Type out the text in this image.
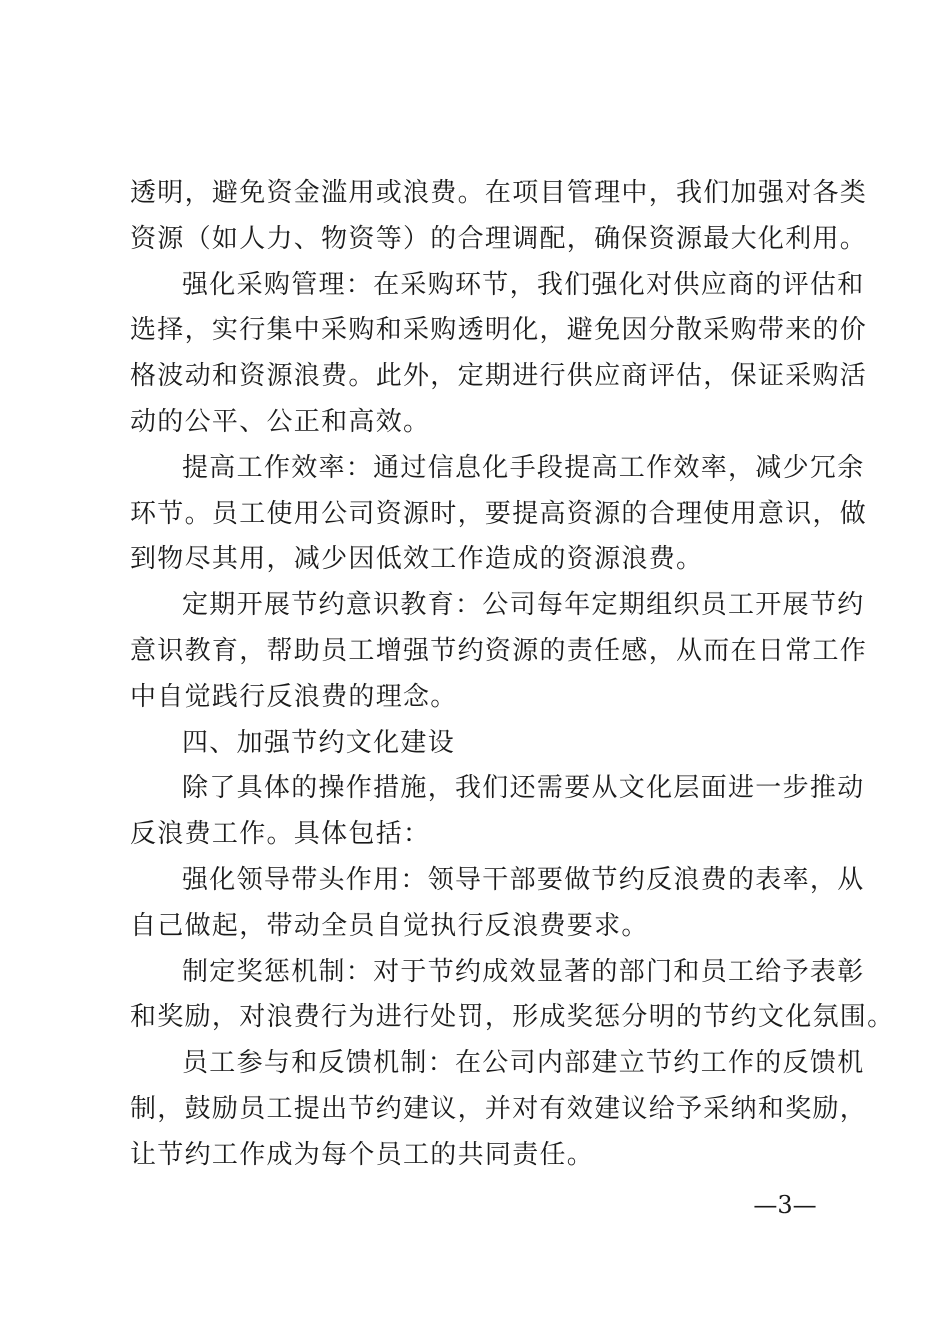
透明，避免资金滥用或浪费。在项目管理中，我们加强对各类
资源（如人力、物资等）的合理调配，确保资源最大化利用。
强化采购管理：在采购环节，我们强化对供应商的评估和
选择，实行集中采购和采购透明化，避免因分散采购带来的价
格波动和资源浪费。此外，定期进行供应商评估，保证采购活
动的公平、公正和高效。
提高工作效率：通过信息化手段提高工作效率，减少冗余
环节。员工使用公司资源时，要提高资源的合理使用意识，做
到物尽其用，减少因低效工作造成的资源浪费。
定期开展节约意识教育：公司每年定期组织员工开展节约
意识教育，帮助员工增强节约资源的责任感，从而在日常工作
中自觉践行反浪费的理念。
四、加强节约文化建设
除了具体的操作措施，我们还需要从文化层面进一步推动
反浪费工作。具体包括：
强化领导带头作用：领导干部要做节约反浪费的表率，从
自己做起，带动全员自觉执行反浪费要求。
制定奖惩机制：对于节约成效显著的部门和员工给予表彰
和奖励，对浪费行为进行处罚，形成奖惩分明的节约文化氛围。
员工参与和反馈机制：在公司内部建立节约工作的反馈机
制，鼓励员工提出节约建议，并对有效建议给予采纳和奖励，
让节约工作成为每个员工的共同责任。
—3—
